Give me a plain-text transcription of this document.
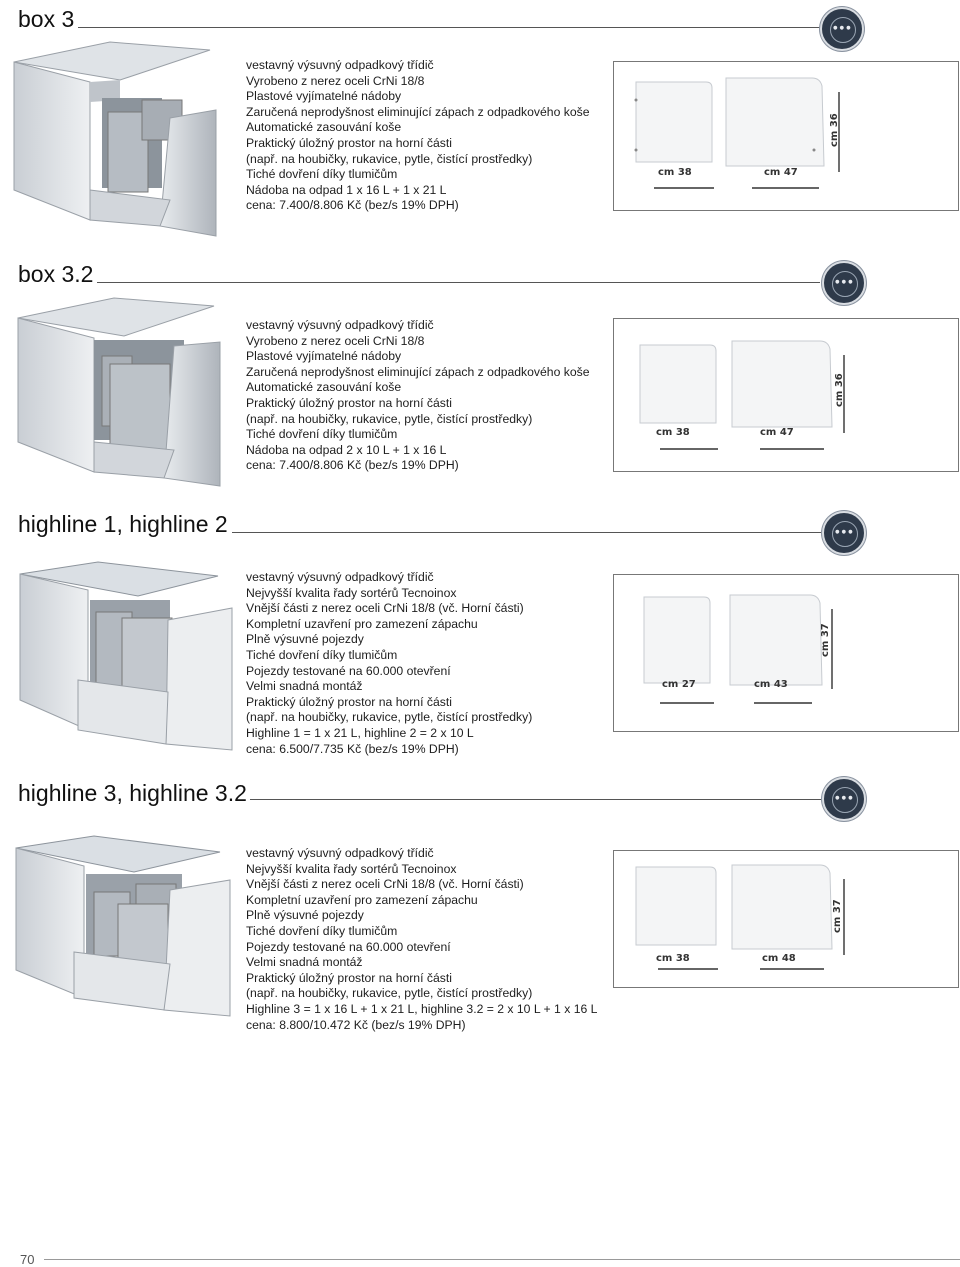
box 3	● ● ●
vestavný výsuvný odpadkový třídič
Vyrobeno z nerez oceli CrNi 18/8
Plastové vyjímatelné nádoby
Zaručená neprodyšnost eliminující zápach z odpadkového koše
Automatické zasouvání koše
Praktický úložný prostor na horní části
(např. na houbičky, rukavice, pytle, čistící prostředky)
Tiché dovření díky tlumičům
Nádoba na odpad 1 x 16 L + 1 x 21 L
cena: 7.400/8.806 Kč (bez/s 19% DPH)
cm 38	cm 47
cm 36
box 3.2	● ● ●
vestavný výsuvný odpadkový třídič
Vyrobeno z nerez oceli CrNi 18/8
Plastové vyjímatelné nádoby
Zaručená neprodyšnost eliminující zápach z odpadkového koše
Automatické zasouvání koše
Praktický úložný prostor na horní části
(např. na houbičky, rukavice, pytle, čistící prostředky)
Tiché dovření díky tlumičům
Nádoba na odpad 2 x 10 L + 1 x 16 L
cena: 7.400/8.806 Kč (bez/s 19% DPH)
cm 38	cm 47
cm 36
highline 1, highline 2	● ● ●
vestavný výsuvný odpadkový třídič
Nejvyšší kvalita řady sortérů Tecnoinox
Vnější části z nerez oceli CrNi 18/8 (vč. Horní části)
Kompletní uzavření pro zamezení zápachu
Plně výsuvné pojezdy
Tiché dovření díky tlumičům
Pojezdy testované na 60.000 otevření
Velmi snadná montáž
Praktický úložný prostor na horní části
(např. na houbičky, rukavice, pytle, čistící prostředky)
Highline 1 = 1 x 21 L, highline 2 = 2 x 10 L
cena: 6.500/7.735 Kč (bez/s 19% DPH)
cm 27	cm 43
cm 37
highline 3, highline 3.2	● ● ●
vestavný výsuvný odpadkový třídič
Nejvyšší kvalita řady sortérů Tecnoinox
Vnější části z nerez oceli CrNi 18/8 (vč. Horní části)
Kompletní uzavření pro zamezení zápachu
Plně výsuvné pojezdy
Tiché dovření díky tlumičům
Pojezdy testované na 60.000 otevření
Velmi snadná montáž
Praktický úložný prostor na horní části
(např. na houbičky, rukavice, pytle, čistící prostředky)
Highline 3 = 1 x 16 L + 1 x 21 L, highline 3.2 = 2 x 10 L + 1 x 16 L
cena: 8.800/10.472 Kč (bez/s 19% DPH)
cm 38	cm 48
cm 37
70
